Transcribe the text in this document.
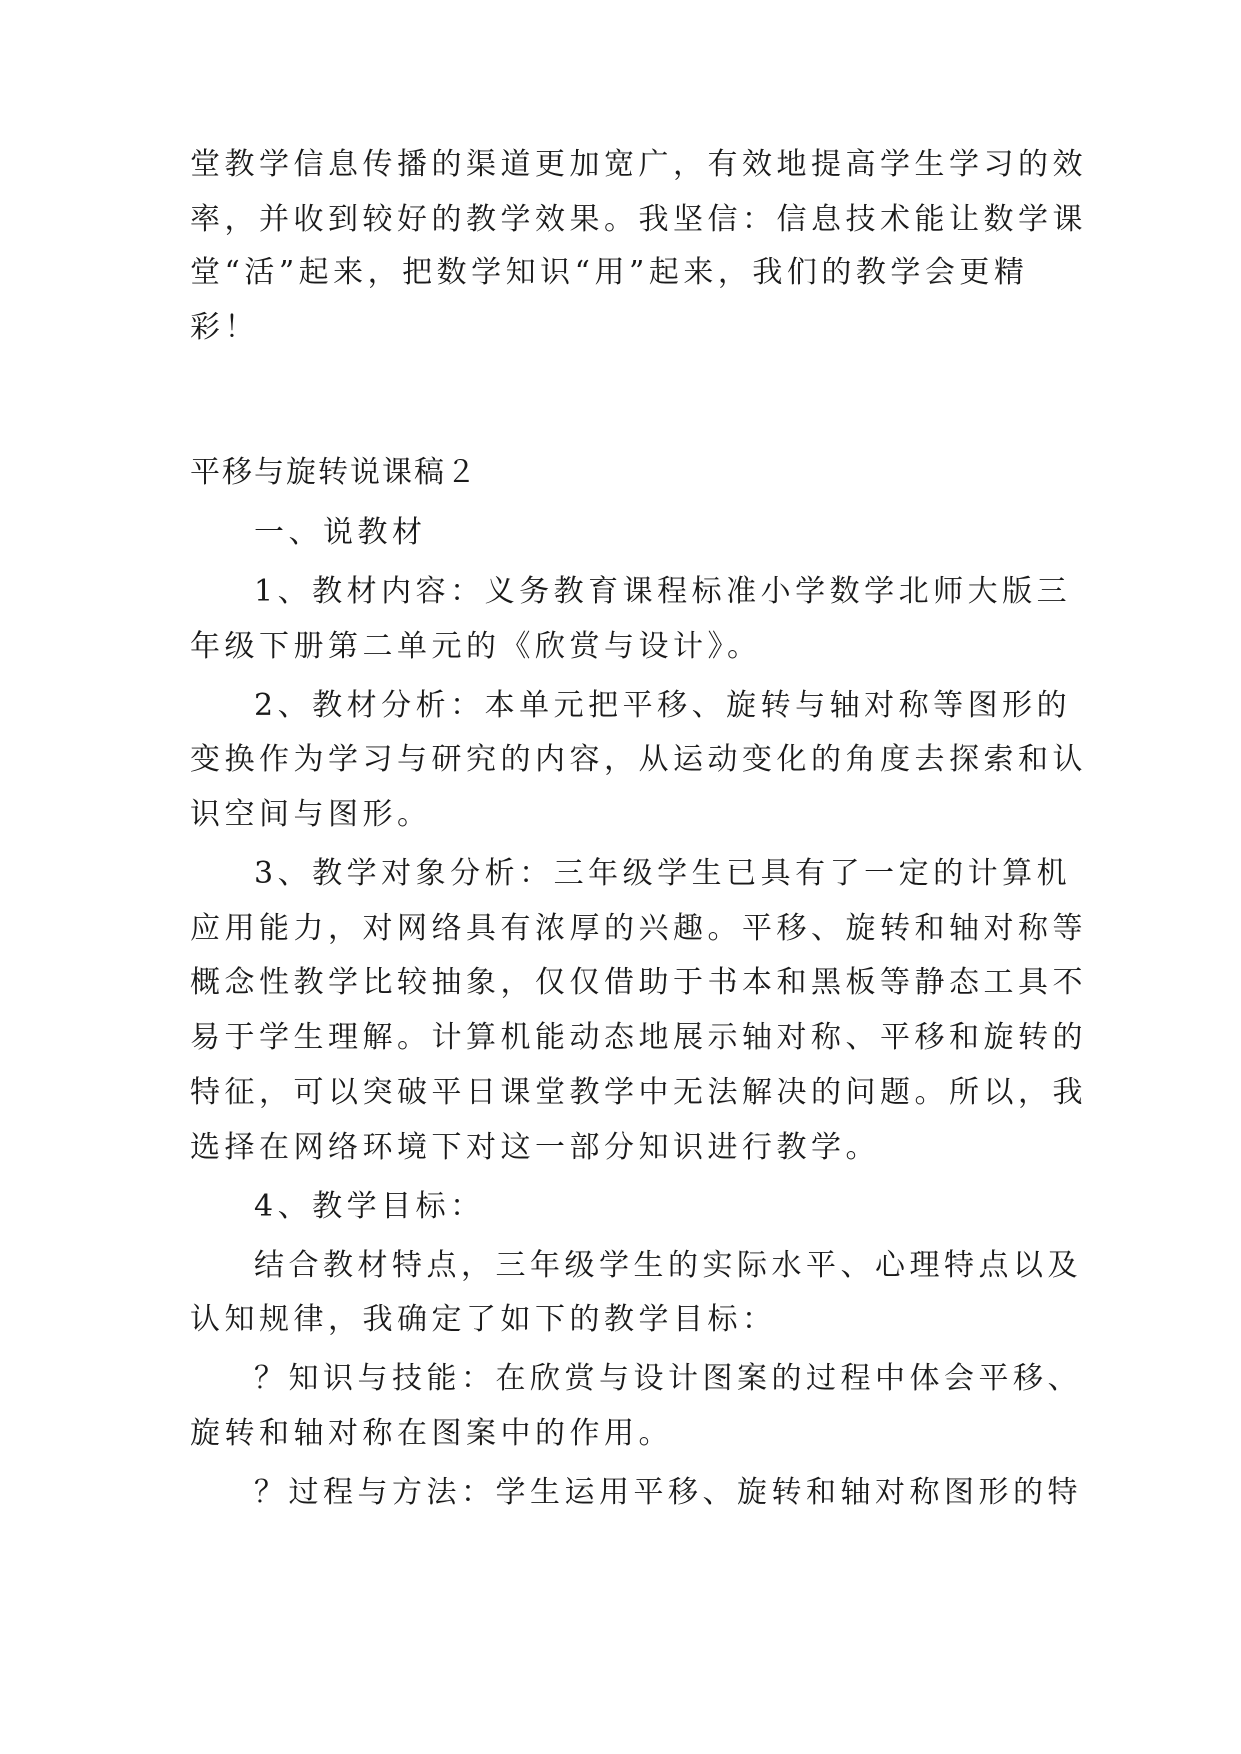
堂教学信息传播的渠道更加宽广，有效地提高学生学习的效
率，并收到较好的教学效果。我坚信：信息技术能让数学课
堂“活”起来，把数学知识“用”起来，我们的教学会更精
彩！
平移与旋转说课稿２
一、说教材
1、教材内容：义务教育课程标准小学数学北师大版三
年级下册第二单元的《欣赏与设计》。
2、教材分析：本单元把平移、旋转与轴对称等图形的
变换作为学习与研究的内容，从运动变化的角度去探索和认
识空间与图形。
3、教学对象分析：三年级学生已具有了一定的计算机
应用能力，对网络具有浓厚的兴趣。平移、旋转和轴对称等
概念性教学比较抽象，仅仅借助于书本和黑板等静态工具不
易于学生理解。计算机能动态地展示轴对称、平移和旋转的
特征，可以突破平日课堂教学中无法解决的问题。所以，我
选择在网络环境下对这一部分知识进行教学。
4、教学目标：
结合教材特点，三年级学生的实际水平、心理特点以及
认知规律，我确定了如下的教学目标：
？知识与技能：在欣赏与设计图案的过程中体会平移、
旋转和轴对称在图案中的作用。
？过程与方法：学生运用平移、旋转和轴对称图形的特
